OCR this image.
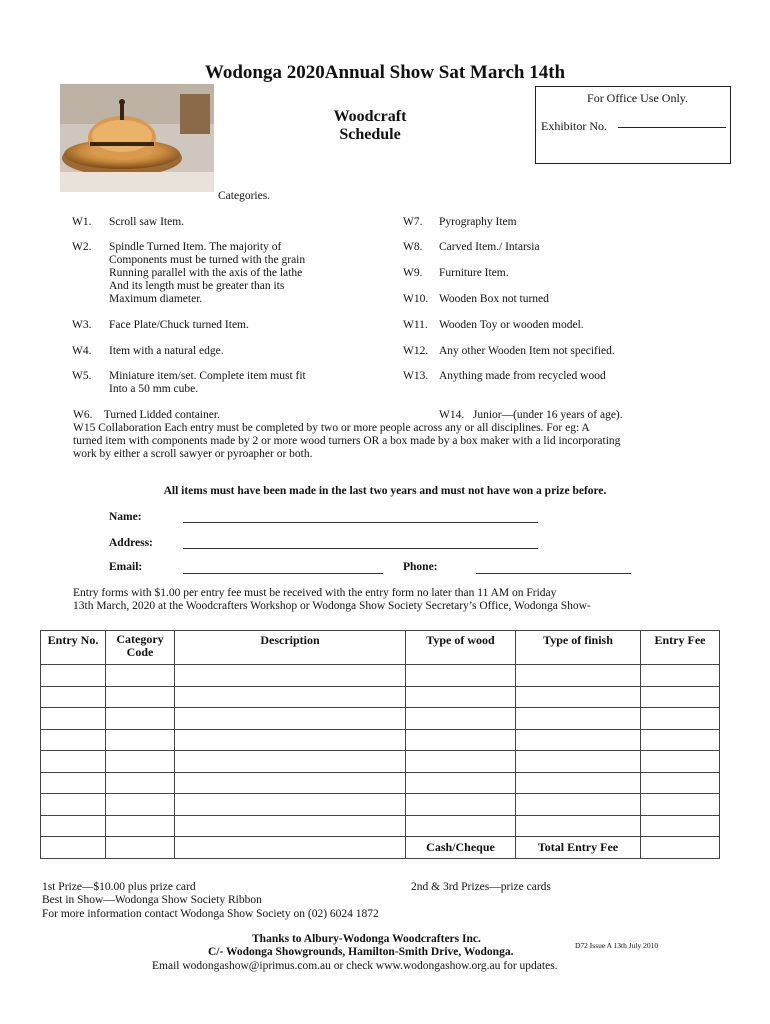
Wodonga 2020Annual Show Sat March 14th
Woodcraft
Schedule
For Office Use Only.
Exhibitor No.
Categories.
W1. Scroll saw Item.
W2. Spindle Turned Item. The majority of
Components must be turned with the grain
Running parallel with the axis of the lathe
And its length must be greater than its
Maximum diameter.
W3. Face Plate/Chuck turned Item.
W4. Item with a natural edge.
W5. Miniature item/set. Complete item must fit
Into a 50 mm cube.
W7. Pyrography Item
W8. Carved Item./ Intarsia
W9. Furniture Item.
W10. Wooden Box not turned
W11. Wooden Toy or wooden model.
W12. Any other Wooden Item not specified.
W13. Anything made from recycled wood
W6.    Turned Lidded container.	W14.   Junior—(under 16 years of age).
W15 Collaboration Each entry must be completed by two or more people across any or all disciplines. For eg: A
turned item with components made by 2 or more wood turners OR a box made by a box maker with a lid incorporating
work by either a scroll sawyer or pyroapher or both.
All items must have been made in the last two years and must not have won a prize before.
Name:
Address:
Email:	Phone:
Entry forms with $1.00 per entry fee must be received with the entry form no later than 11 AM on Friday
13th March, 2020 at the Woodcrafters Workshop or Wodonga Show Society Secretary’s Office, Wodonga Show-
Entry No.	Category Code	Description	Type of wood	Type of finish	Entry Fee

			Cash/Cheque	Total Entry Fee	
1st Prize—$10.00 plus prize card	2nd & 3rd Prizes—prize cards
Best in Show—Wodonga Show Society Ribbon
For more information contact Wodonga Show Society on (02) 6024 1872
Thanks to Albury-Wodonga Woodcrafters Inc.
C/- Wodonga Showgrounds, Hamilton-Smith Drive, Wodonga.
D72 Issue A 13th July 2010
Email wodongashow@iprimus.com.au or check www.wodongashow.org.au for updates.
